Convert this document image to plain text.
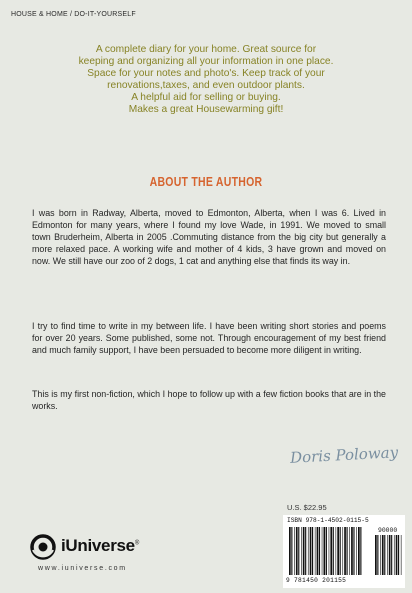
HOUSE & HOME / DO-IT-YOURSELF
A complete diary for your home. Great source for
keeping and organizing all your information in one place.
Space for your notes and photo's. Keep track of your
renovations,taxes, and even outdoor plants.
A helpful aid for selling or buying.
Makes a great Housewarming gift!
ABOUT THE AUTHOR

I was born in Radway, Alberta, moved to Edmonton, Alberta, when I was 6. Lived in Edmonton for many years, where I found my love Wade, in 1991. We moved to small town Bruderheim, Alberta in 2005 .Commuting distance from the big city but generally a more relaxed pace. A working wife and mother of 4 kids, 3 have grown and moved on now. We still have our zoo of 2 dogs, 1 cat and anything else that finds its way in.

I try to find time to write in my between life. I have been writing short stories and poems for over 20 years. Some published, some not. Through encouragement of my best friend and much family support, I have been persuaded to become more diligent in writing.

This is my first non-fiction, which I hope to follow up with a few fiction books that are in the works.

Doris Poloway
U.S. $22.95
ISBN 978-1-4502-0115-5
90000
9 781450 201155
iUniverse®
www.iuniverse.com
